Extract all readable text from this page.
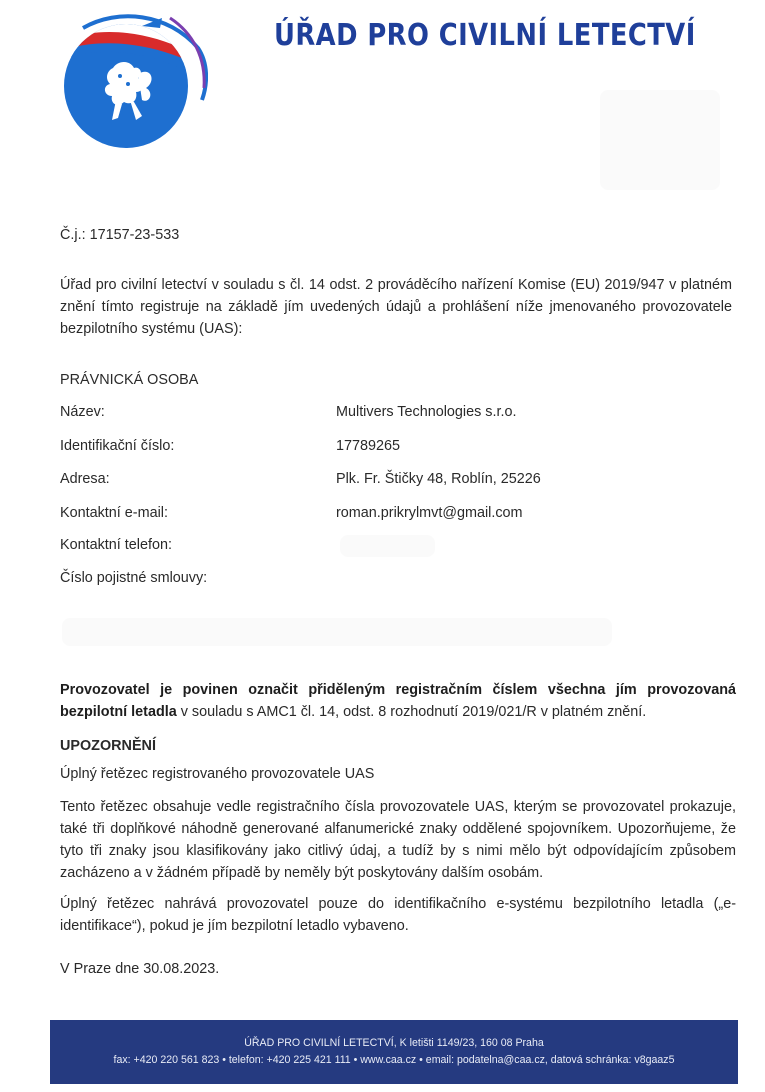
ÚŘAD PRO CIVILNÍ LETECTVÍ
Č.j.: 17157-23-533
Úřad pro civilní letectví v souladu s čl. 14 odst. 2 prováděcího nařízení Komise (EU) 2019/947 v platném znění tímto registruje na základě jím uvedených údajů a prohlášení níže jmenovaného provozovatele bezpilotního systému (UAS):
PRÁVNICKÁ OSOBA
Název:	Multivers Technologies s.r.o.
Identifikační číslo:	17789265
Adresa:	Plk. Fr. Štičky 48, Roblín, 25226
Kontaktní e-mail:	roman.prikrylmvt@gmail.com
Kontaktní telefon:
Číslo pojistné smlouvy:
Provozovatel je povinen označit přiděleným registračním číslem všechna jím provozovaná bezpilotní letadla v souladu s AMC1 čl. 14, odst. 8 rozhodnutí 2019/021/R v platném znění.
UPOZORNĚNÍ
Úplný řetězec registrovaného provozovatele UAS
Tento řetězec obsahuje vedle registračního čísla provozovatele UAS, kterým se provozovatel prokazuje, také tři doplňkové náhodně generované alfanumerické znaky oddělené spojovníkem. Upozorňujeme, že tyto tři znaky jsou klasifikovány jako citlivý údaj, a tudíž by s nimi mělo být odpovídajícím způsobem zacházeno a v žádném případě by neměly být poskytovány dalším osobám.
Úplný řetězec nahrává provozovatel pouze do identifikačního e-systému bezpilotního letadla („e-identifikace“), pokud je jím bezpilotní letadlo vybaveno.
V Praze dne 30.08.2023.
ÚŘAD PRO CIVILNÍ LETECTVÍ, K letišti 1149/23, 160 08 Praha
fax: +420 220 561 823 • telefon: +420 225 421 111 • www.caa.cz • email: podatelna@caa.cz, datová schránka: v8gaaz5
